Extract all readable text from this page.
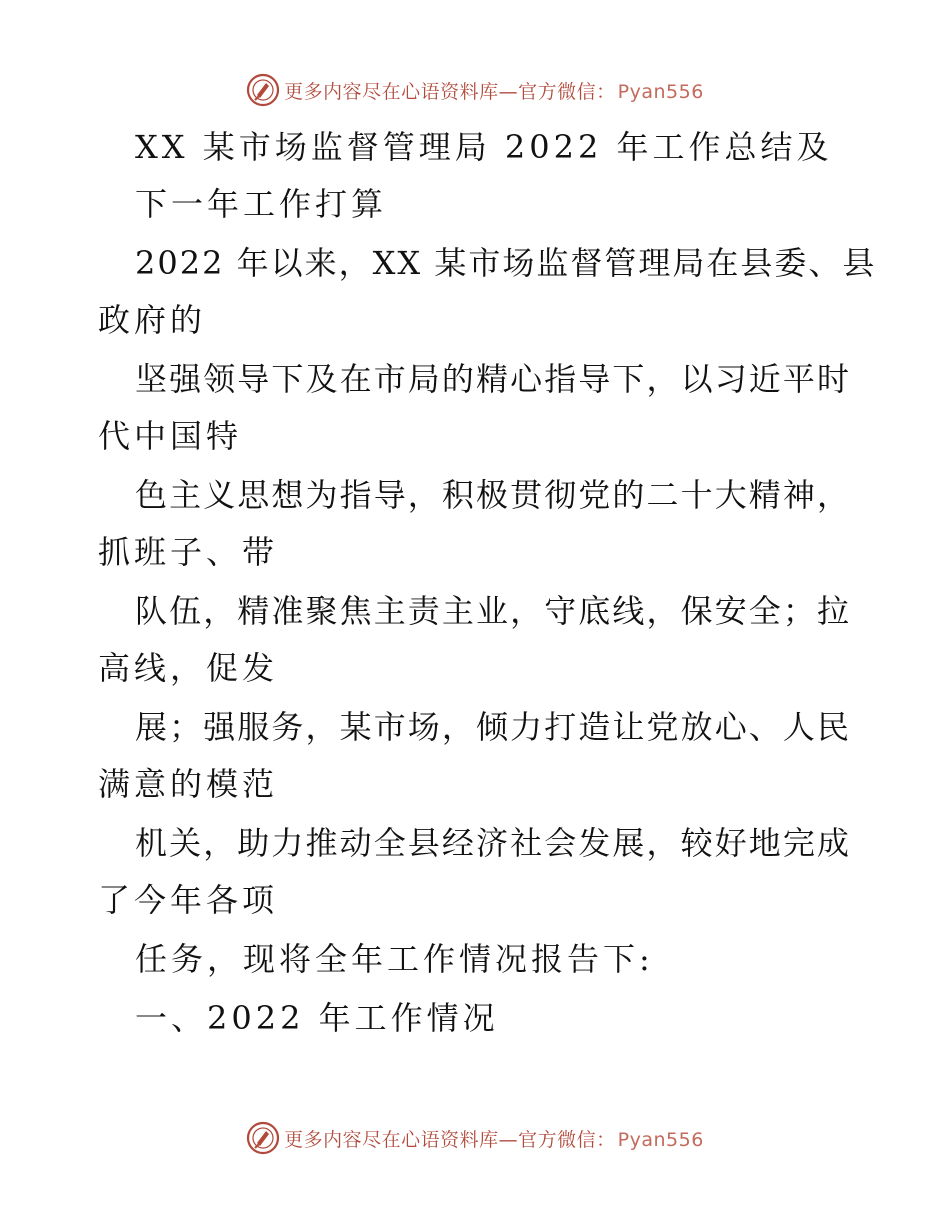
更多内容尽在心语资料库—官方微信： Pyan556
XX 某市场监督管理局 2022 年工作总结及
下一年工作打算
2022 年以来，XX 某市场监督管理局在县委、县
政府的
坚强领导下及在市局的精心指导下，以习近平时
代中国特
色主义思想为指导，积极贯彻党的二十大精神，
抓班子、带
队伍，精准聚焦主责主业，守底线，保安全；拉
高线，促发
展；强服务，某市场，倾力打造让党放心、人民
满意的模范
机关，助力推动全县经济社会发展，较好地完成
了今年各项
任务，现将全年工作情况报告下:
一、2022 年工作情况
更多内容尽在心语资料库—官方微信： Pyan556
